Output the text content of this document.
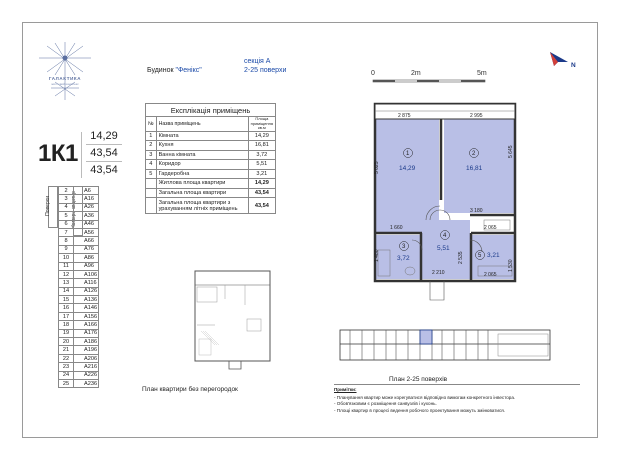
ГАЛАКТИКА
житловий комплекс
Будинок "Фенікс"
секція А
2-25 поверхи	0	2m	5m
N
1К1
14,29
43,54
43,54
Експлікація приміщень		
№	Назва приміщень	Площа приміщення кв.м
1	Кімната	14,29
2	Кухня	16,81
3	Ванна кімната	3,72
4	Коридор	5,51
5	Гардеробна	3,21
	Житлова площа квартири	14,29
	Загальна площа квартири	43,54
	Загальна площа квартири з урахуванням літніх приміщень	43,54
Поверхи	Номери квартир
2	А6
3	А16
4	А26
5	А36
6	А46
7	А56
8	А66
9	А76
10	А86
11	А96
12	А106
13	А116
14	А126
15	А136
16	А146
17	А156
18	А166
19	А176
20	А186
21	А196
22	А206
23	А216
24	А226
25	А236
План квартири без перегородок
2 875	2 995
5 025
5 645
3 180
1 660	2 065
2 535
1 480
2 210	2 065
1 530
1
14,29
2
16,81
3
3,72
4
5,51
5 3,21
План 2-25 поверхів
Примітки:
- Планування квартир може корегуватися відповідно вимогам конкретного інвестора.
- Обов'язковим є розміщення санвузлів і кухонь.
- Площі квартир в процесі ведення робочого проектування можуть змінюватися.
